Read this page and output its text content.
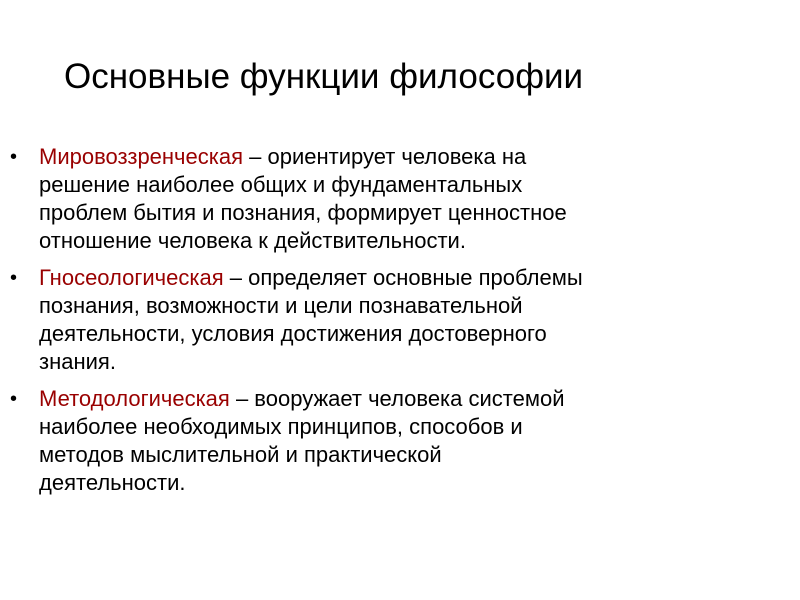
Основные функции философии
• Мировоззренческая – ориентирует человека на
решение наиболее общих и фундаментальных
проблем бытия и познания, формирует ценностное
отношение человека к действительности.
• Гносеологическая – определяет основные проблемы
познания, возможности и цели познавательной
деятельности, условия достижения достоверного
знания.
• Методологическая – вооружает человека системой
наиболее необходимых принципов, способов и
методов мыслительной и практической
деятельности.
